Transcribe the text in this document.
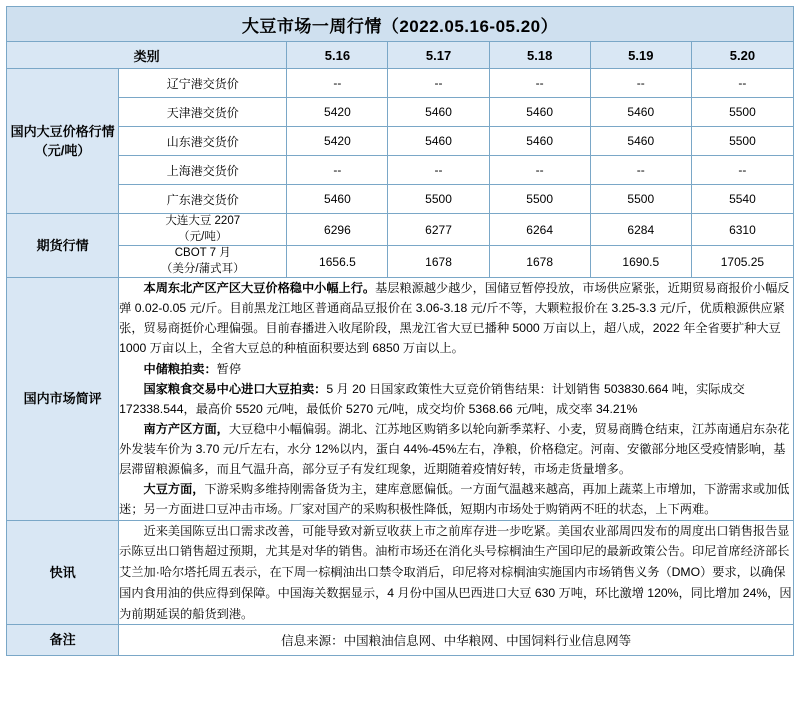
大豆市场一周行情（2022.05.16-05.20）						
类别		5.16	5.17	5.18	5.19	5.20
国内大豆价格行情（元/吨）	辽宁港交货价	--	--	--	--	--
	天津港交货价	5420	5460	5460	5460	5500
	山东港交货价	5420	5460	5460	5460	5500
	上海港交货价	--	--	--	--	--
	广东港交货价	5460	5500	5500	5500	5540
期货行情	大连大豆 2207
（元/吨）	6296	6277	6264	6284	6310

	CBOT 7 月
（美分/蒲式耳）	1656.5	1678	1678	1690.5	1705.25
国内市场简评	本周东北产区产区大豆价格稳中小幅上行。基层粮源越少越少，国储豆暂停投放，市场供应紧张，近期贸易商报价小幅反弹 0.02-0.05 元/斤。目前黑龙江地区普通商品豆报价在 3.06-3.18 元/斤不等，大颗粒报价在 3.25-3.3 元/斤，优质粮源供应紧张，贸易商挺价心理偏强。目前春播进入收尾阶段，黑龙江省大豆已播种 5000 万亩以上，超八成，2022 年全省要扩种大豆 1000 万亩以上，全省大豆总的种植面积要达到 6850 万亩以上。

中储粮拍卖：暂停

国家粮食交易中心进口大豆拍卖：5 月 20 日国家政策性大豆竞价销售结果：计划销售 503830.664 吨，实际成交 172338.544，最高价 5520 元/吨，最低价 5270 元/吨，成交均价 5368.66 元/吨，成交率 34.21%

南方产区方面，大豆稳中小幅偏弱。湖北、江苏地区购销多以轮向新季菜籽、小麦，贸易商腾仓结束，江苏南通启东杂花外发装车价为 3.70 元/斤左右，水分 12%以内，蛋白 44%-45%左右，净粮，价格稳定。河南、安徽部分地区受疫情影响，基层滞留粮源偏多，而且气温升高，部分豆子有发红现象，近期随着疫情好转，市场走货量增多。

大豆方面，下游采购多维持刚需备货为主，建库意愿偏低。一方面气温越来越高，再加上蔬菜上市增加，下游需求或加低迷；另一方面进口豆冲击市场。厂家对国产的采购积极性降低，短期内市场处于购销两不旺的状态，上下两难。					

快讯	近来美国陈豆出口需求改善，可能导致对新豆收获上市之前库存进一步吃紧。美国农业部周四发布的周度出口销售报告显示陈豆出口销售超过预期，尤其是对华的销售。油桁市场还在消化头号棕榈油生产国印尼的最新政策公告。印尼首席经济部长艾兰加·哈尔塔托周五表示，在下周一棕榈油出口禁令取消后，印尼将对棕榈油实施国内市场销售义务（DMO）要求，以确保国内食用油的供应得到保障。中国海关数据显示，4 月份中国从巴西进口大豆 630 万吨，环比激增 120%，同比增加 24%，因为前期延误的船货到港。					

备注	信息来源：中国粮油信息网、中华粮网、中国饲料行业信息网等					
